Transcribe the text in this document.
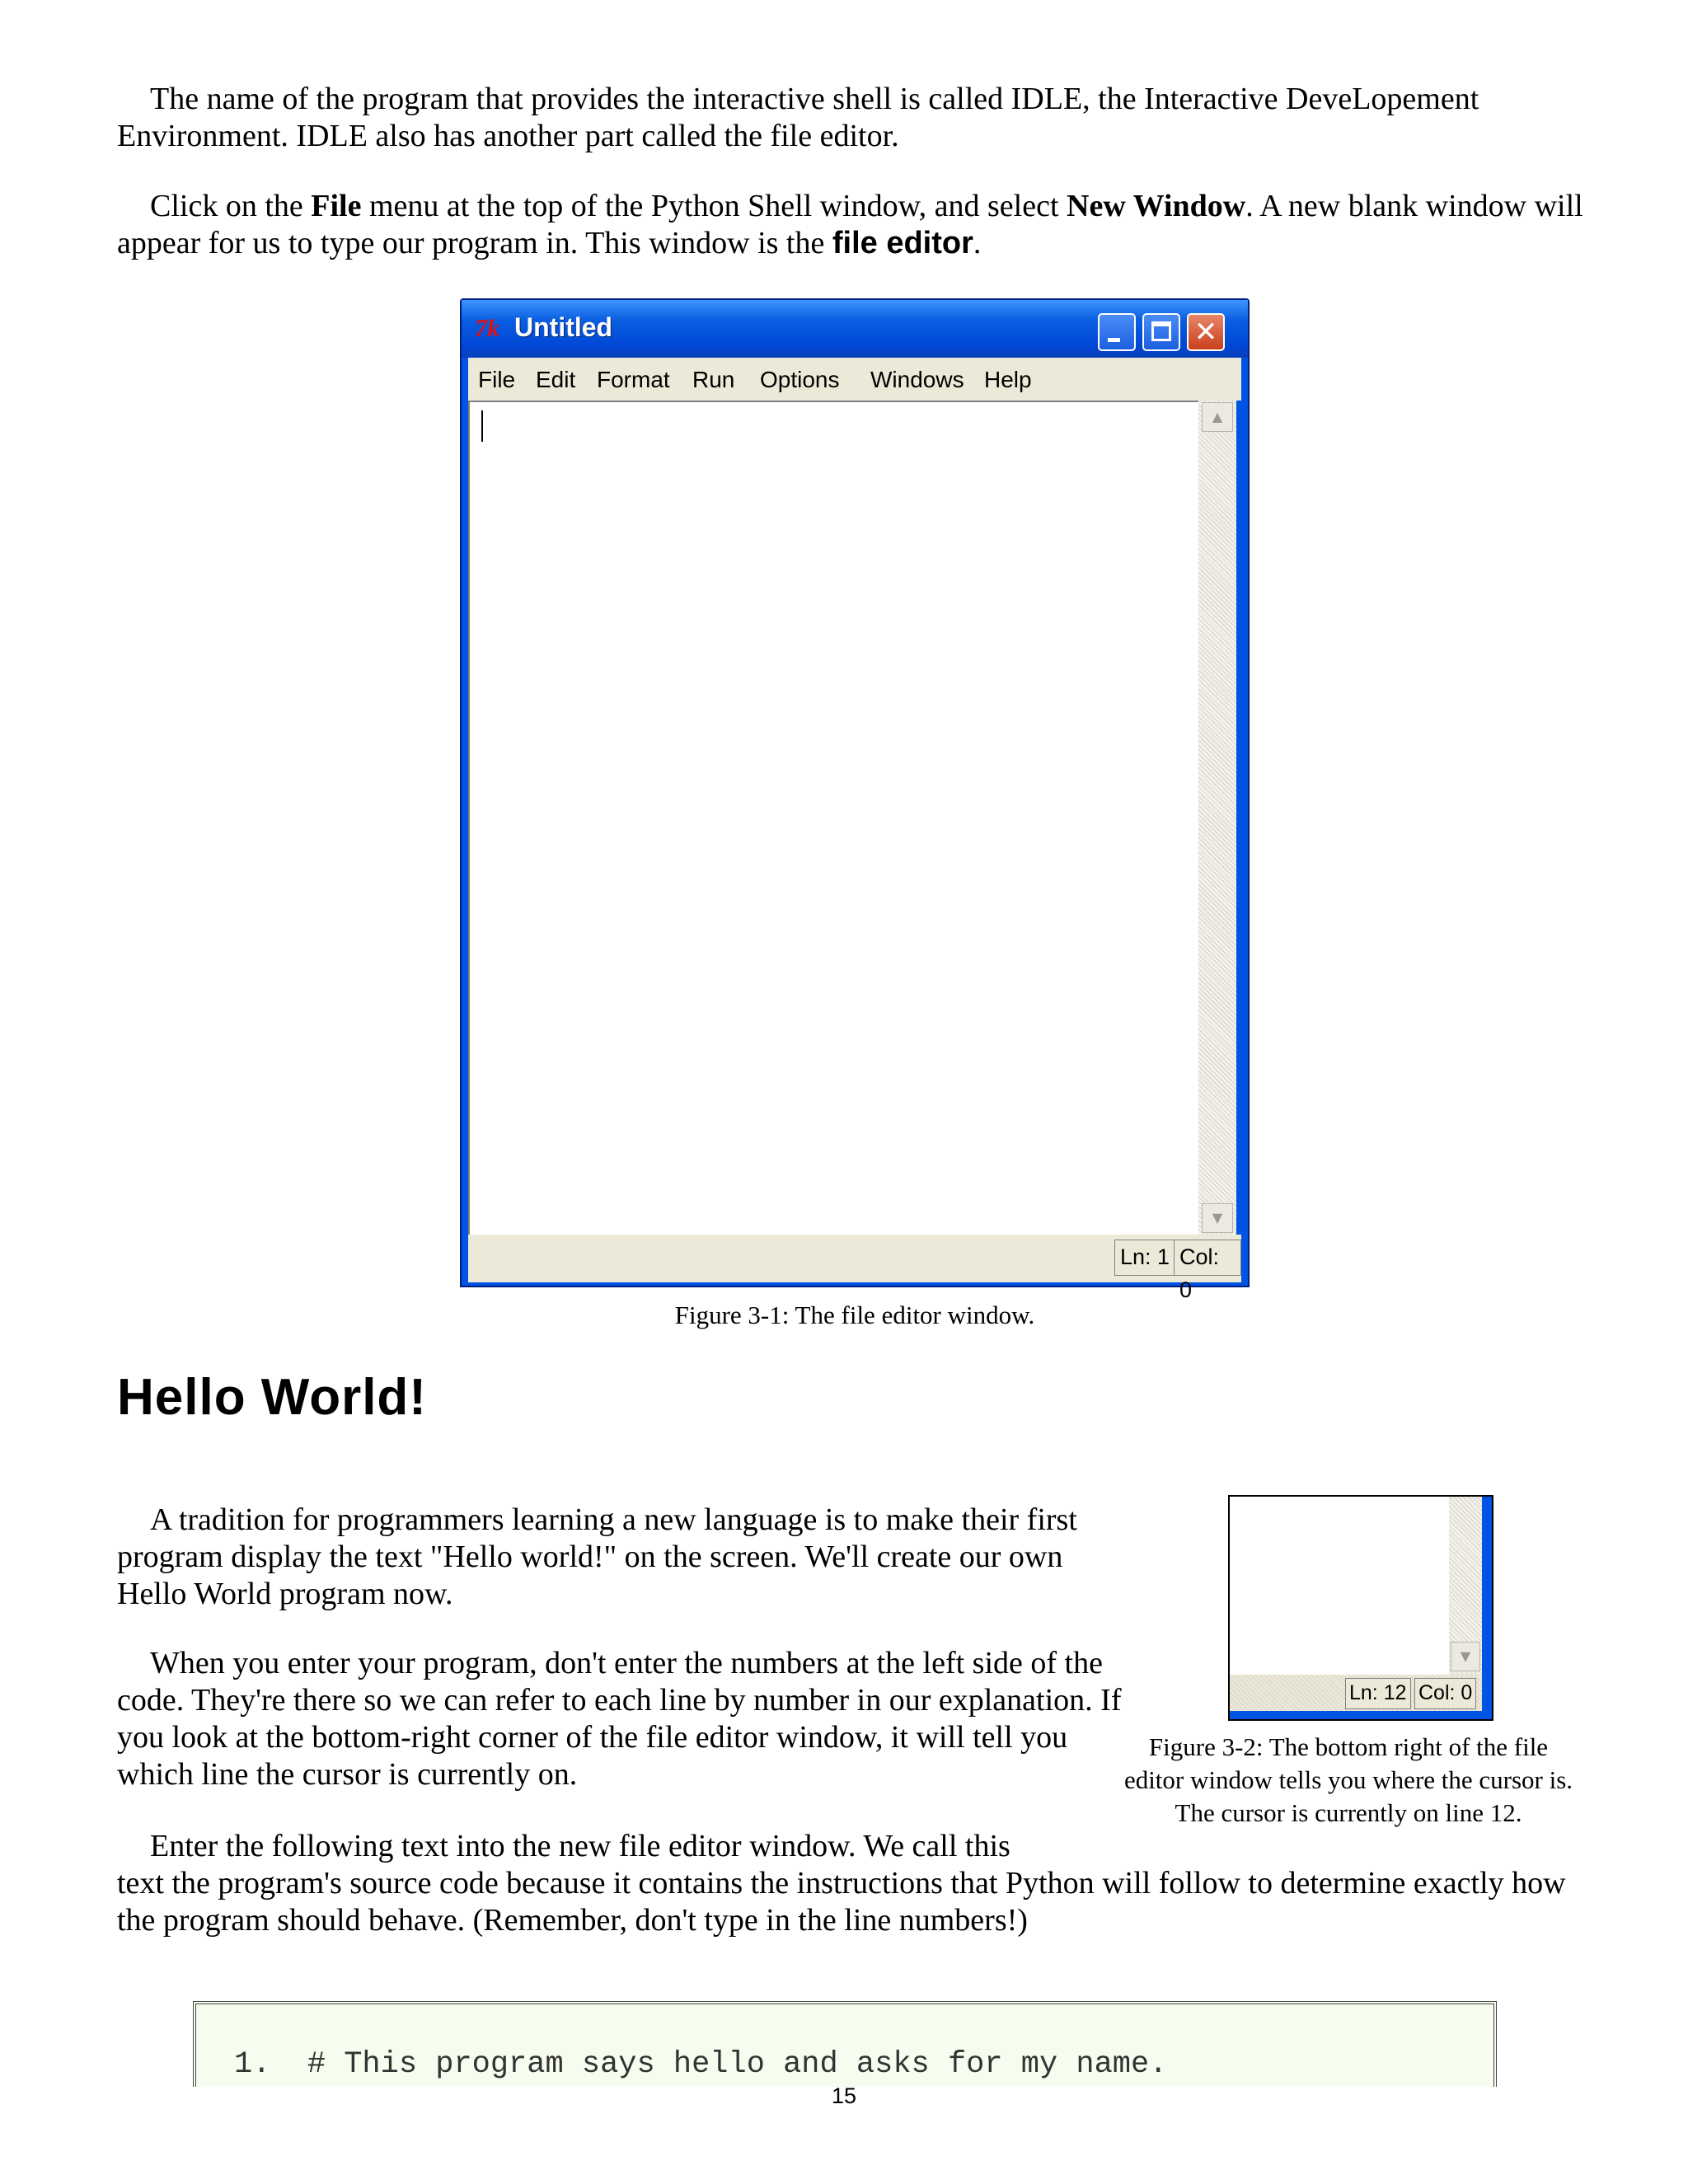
The name of the program that provides the interactive shell is called IDLE, the Interactive DeveLopement Environment. IDLE also has another part called the file editor.

Click on the File menu at the top of the Python Shell window, and select New Window. A new blank window will appear for us to type our program in. This window is the file editor.

7k Untitled	✕
File Edit Format Run Options Windows Help
▲
▼
Ln: 1 Col: 0

Figure 3-1: The file editor window.

Hello World!

A tradition for programmers learning a new language is to make their first program display the text "Hello world!" on the screen. We'll create our own Hello World program now.

When you enter your program, don't enter the numbers at the left side of the code. They're there so we can refer to each line by number in our explanation. If you look at the bottom-right corner of the file editor window, it will tell you which line the cursor is currently on.

Enter the following text into the new file editor window. We call this

text the program's source code because it contains the instructions that Python will follow to determine exactly how the program should behave. (Remember, don't type in the line numbers!)

▼
Ln: 12 Col: 0

Figure 3-2: The bottom right of the file editor window tells you where the cursor is. The cursor is currently on line 12.

1.  # This program says hello and asks for my name.

15
